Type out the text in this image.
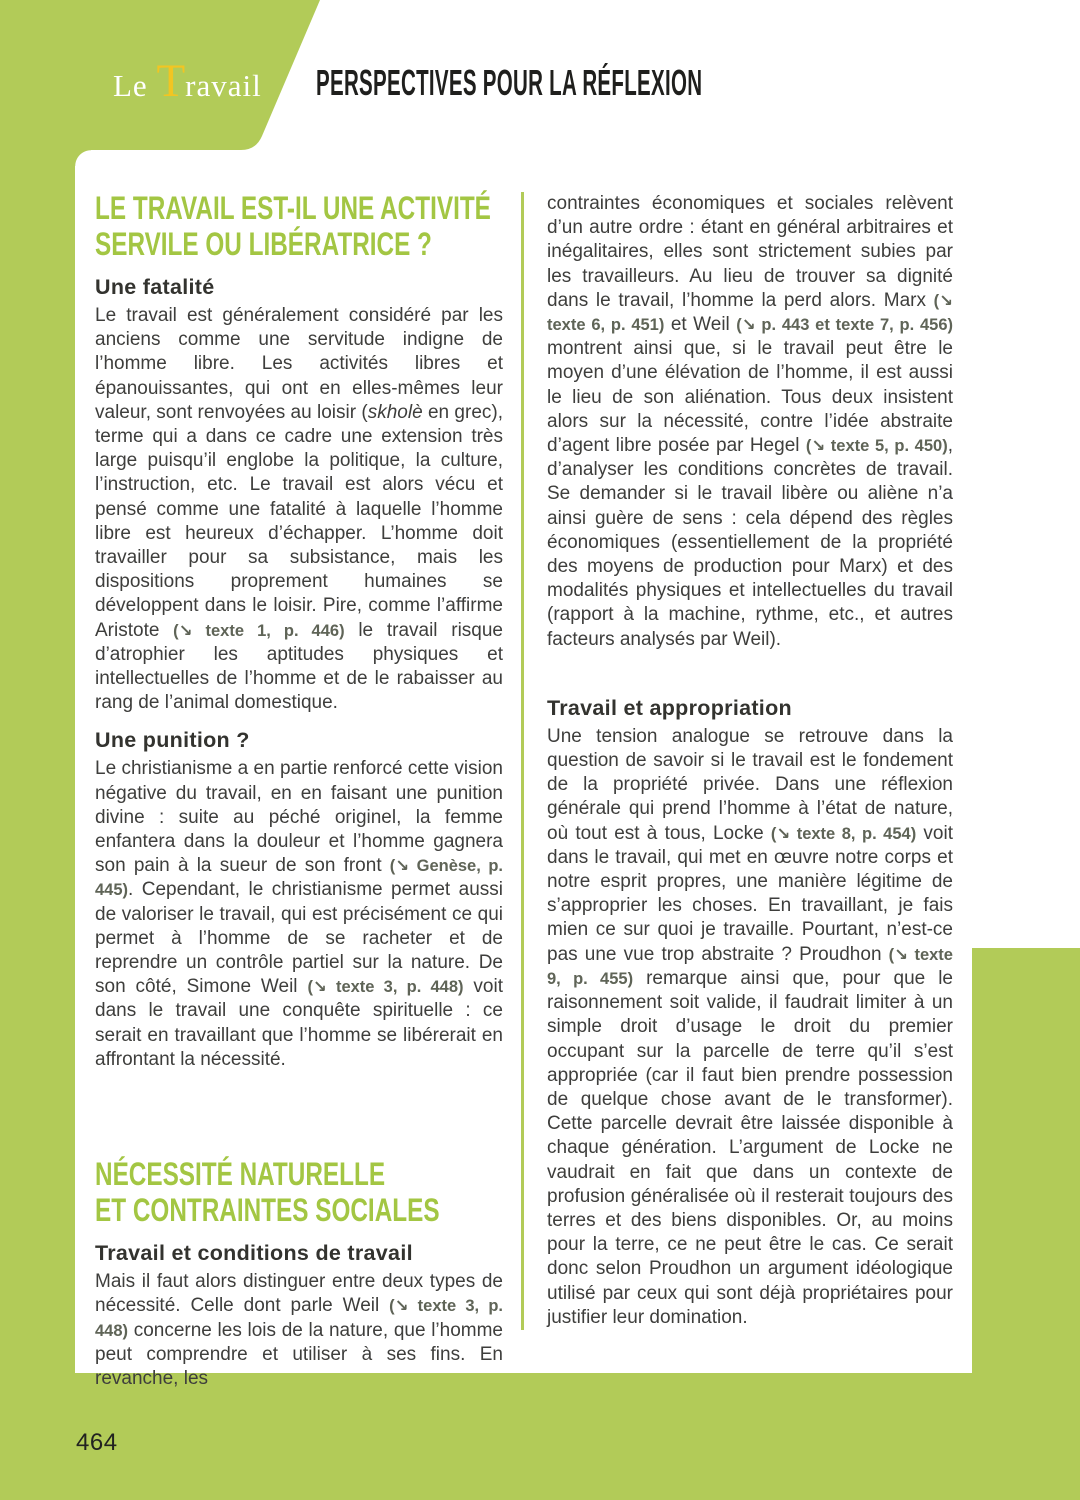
Le Travail PERSPECTIVES POUR LA RÉFLEXION
LE TRAVAIL EST-IL UNE ACTIVITÉ
SERVILE OU LIBÉRATRICE ?
Une fatalité

Le travail est généralement considéré par les anciens comme une servitude indigne de l’homme libre. Les activités libres et épanouissantes, qui ont en elles-mêmes leur valeur, sont renvoyées au loisir (skholè en grec), terme qui a dans ce cadre une extension très large puisqu’il englobe la politique, la culture, l’instruction, etc. Le travail est alors vécu et pensé comme une fatalité à laquelle l’homme libre est heureux d’échapper. L’homme doit travailler pour sa subsistance, mais les dispositions proprement humaines se développent dans le loisir. Pire, comme l’affirme Aristote (↘ texte 1, p. 446) le travail risque d’atrophier les aptitudes physiques et intellectuelles de l’homme et de le rabaisser au rang de l’animal domestique.

Une punition ?

Le christianisme a en partie renforcé cette vision négative du travail, en en faisant une punition divine : suite au péché originel, la femme enfantera dans la douleur et l’homme gagnera son pain à la sueur de son front (↘ Genèse, p. 445). Cependant, le christianisme permet aussi de valoriser le travail, qui est précisément ce qui permet à l’homme de se racheter et de reprendre un contrôle partiel sur la nature. De son côté, Simone Weil (↘ texte 3, p. 448) voit dans le travail une conquête spirituelle : ce serait en travaillant que l’homme se libérerait en affrontant la nécessité.

NÉCESSITÉ NATURELLE
ET CONTRAINTES SOCIALES
Travail et conditions de travail

Mais il faut alors distinguer entre deux types de nécessité. Celle dont parle Weil (↘ texte 3, p. 448) concerne les lois de la nature, que l’homme peut comprendre et utiliser à ses fins. En revanche, les

contraintes économiques et sociales relèvent d’un autre ordre : étant en général arbitraires et inégalitaires, elles sont strictement subies par les travailleurs. Au lieu de trouver sa dignité dans le travail, l’homme la perd alors. Marx (↘ texte 6, p. 451) et Weil (↘ p. 443 et texte 7, p. 456) montrent ainsi que, si le travail peut être le moyen d’une élévation de l’homme, il est aussi le lieu de son aliénation. Tous deux insistent alors sur la nécessité, contre l’idée abstraite d’agent libre posée par Hegel (↘ texte 5, p. 450), d’analyser les conditions concrètes de travail. Se demander si le travail libère ou aliène n’a ainsi guère de sens : cela dépend des règles économiques (essentiellement de la propriété des moyens de production pour Marx) et des modalités physiques et intellectuelles du travail (rapport à la machine, rythme, etc., et autres facteurs analysés par Weil).

Travail et appropriation

Une tension analogue se retrouve dans la question de savoir si le travail est le fondement de la propriété privée. Dans une réflexion générale qui prend l’homme à l’état de nature, où tout est à tous, Locke (↘ texte 8, p. 454) voit dans le travail, qui met en œuvre notre corps et notre esprit propres, une manière légitime de s’approprier les choses. En travaillant, je fais mien ce sur quoi je travaille. Pourtant, n’est-ce pas une vue trop abstraite ? Proudhon (↘ texte 9, p. 455) remarque ainsi que, pour que le raisonnement soit valide, il faudrait limiter à un simple droit d’usage le droit du premier occupant sur la parcelle de terre qu’il s’est appropriée (car il faut bien prendre possession de quelque chose avant de le transformer). Cette parcelle devrait être laissée disponible à chaque génération. L’argument de Locke ne vaudrait en fait que dans un contexte de profusion généralisée où il resterait toujours des terres et des biens disponibles. Or, au moins pour la terre, ce ne peut être le cas. Ce serait donc selon Proudhon un argument idéologique utilisé par ceux qui sont déjà propriétaires pour justifier leur domination.

464
